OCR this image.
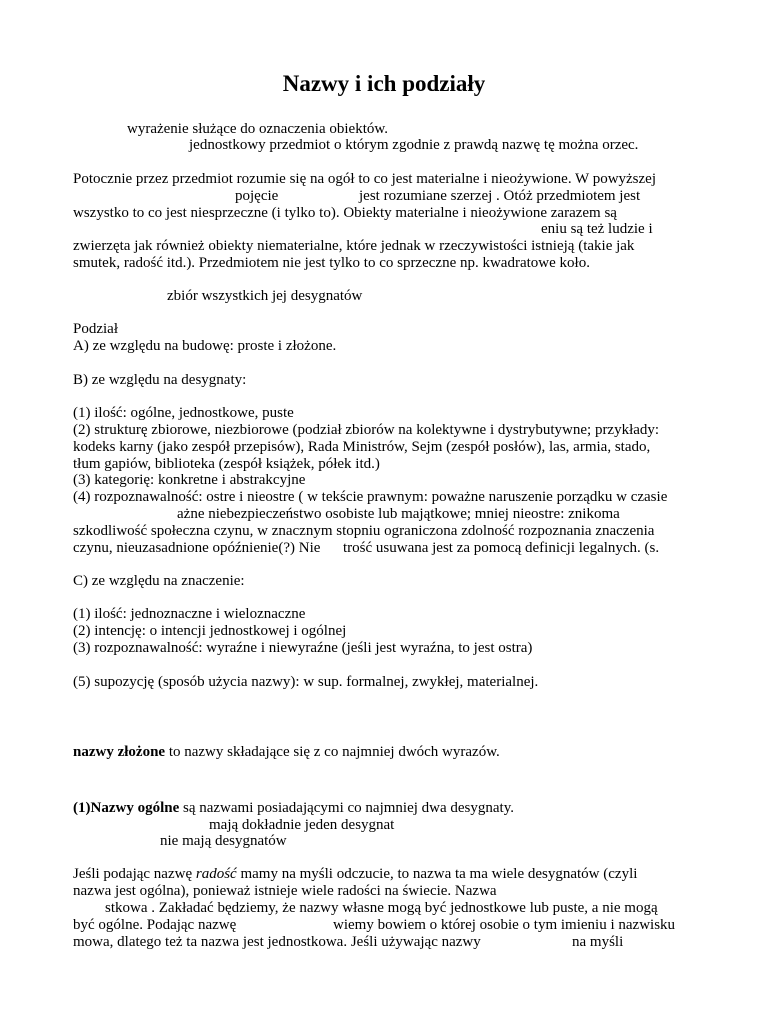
Nazwy i ich podziały
wyrażenie służące do oznaczenia obiektów.
jednostkowy przedmiot o którym zgodnie z prawdą nazwę tę można orzec.
Potocznie przez przedmiot rozumie się na ogół to co jest materialne i nieożywione. W powyższej
pojęcie	jest rozumiane szerzej . Otóż przedmiotem jest
wszystko to co jest niesprzeczne (i tylko to). Obiekty materialne i nieożywione zarazem są
eniu są też ludzie i
zwierzęta jak również obiekty niematerialne, które jednak w rzeczywistości istnieją (takie jak
smutek, radość itd.). Przedmiotem nie jest tylko to co sprzeczne np. kwadratowe koło.
zbiór wszystkich jej desygnatów
Podział
A) ze względu na budowę: proste i złożone.
B) ze względu na desygnaty:
(1) ilość: ogólne, jednostkowe, puste
(2) strukturę zbiorowe, niezbiorowe (podział zbiorów na kolektywne i dystrybutywne; przykłady:
kodeks karny (jako zespół przepisów), Rada Ministrów, Sejm (zespół posłów), las, armia, stado,
tłum gapiów, biblioteka (zespół książek, półek itd.)
(3) kategorię: konkretne i abstrakcyjne
(4) rozpoznawalność: ostre i nieostre ( w tekście prawnym: poważne naruszenie porządku w czasie
ażne niebezpieczeństwo osobiste lub majątkowe; mniej nieostre: znikoma
szkodliwość społeczna czynu, w znacznym stopniu ograniczona zdolność rozpoznania znaczenia
czynu, nieuzasadnione opóźnienie(?) Nie trość usuwana jest za pomocą definicji legalnych. (s.
C) ze względu na znaczenie:
(1) ilość: jednoznaczne i wieloznaczne
(2) intencję: o intencji jednostkowej i ogólnej
(3) rozpoznawalność: wyraźne i niewyraźne (jeśli jest wyraźna, to jest ostra)
(5) supozycję (sposób użycia nazwy): w sup. formalnej, zwykłej, materialnej.
nazwy złożone to nazwy składające się z co najmniej dwóch wyrazów.
(1)Nazwy ogólne są nazwami posiadającymi co najmniej dwa desygnaty.
mają dokładnie jeden desygnat
nie mają desygnatów
Jeśli podając nazwę radość mamy na myśli odczucie, to nazwa ta ma wiele desygnatów (czyli
nazwa jest ogólna), ponieważ istnieje wiele radości na świecie. Nazwa
stkowa . Zakładać będziemy, że nazwy własne mogą być jednostkowe lub puste, a nie mogą
być ogólne. Podając nazwę	wiemy bowiem o której osobie o tym imieniu i nazwisku
mowa, dlatego też ta nazwa jest jednostkowa. Jeśli używając nazwy	na myśli
